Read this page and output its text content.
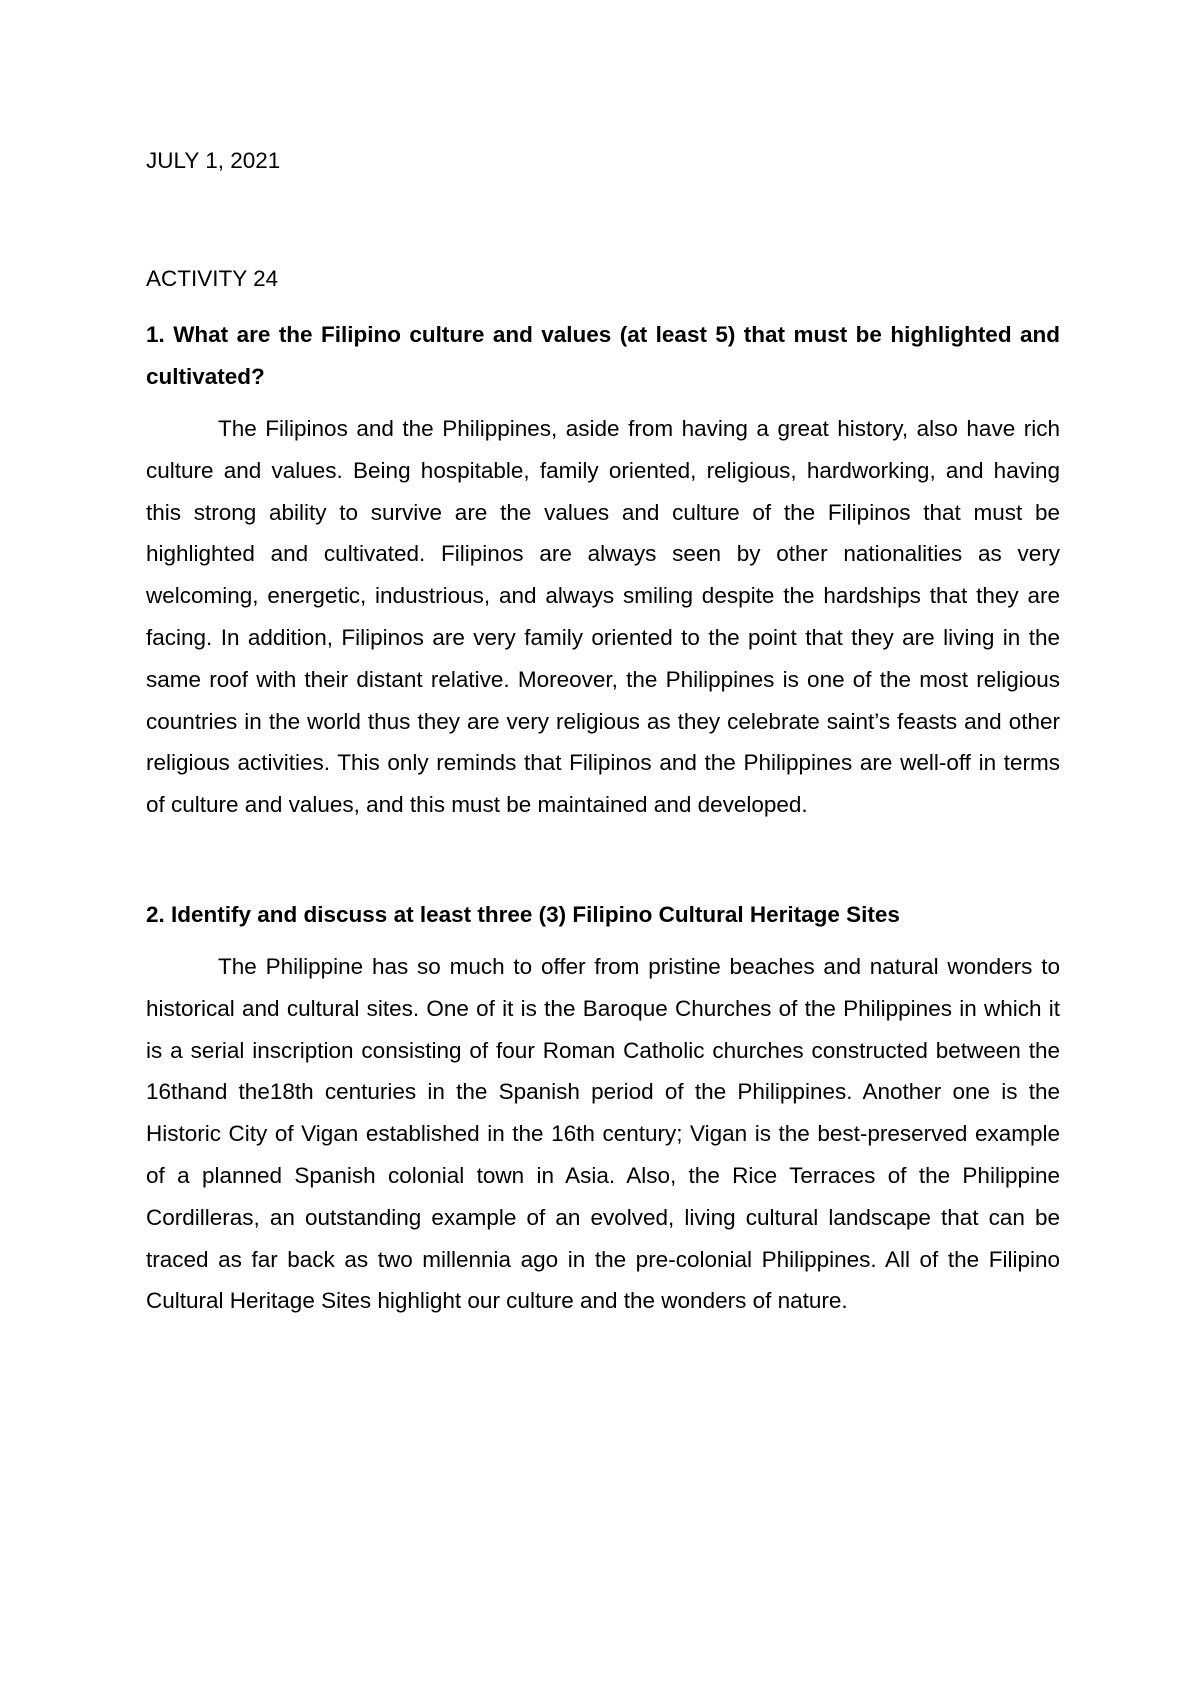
JULY 1, 2021

ACTIVITY 24

1. What are the Filipino culture and values (at least 5) that must be highlighted and cultivated?

The Filipinos and the Philippines, aside from having a great history, also have rich culture and values. Being hospitable, family oriented, religious, hardworking, and having this strong ability to survive are the values and culture of the Filipinos that must be highlighted and cultivated. Filipinos are always seen by other nationalities as very welcoming, energetic, industrious, and always smiling despite the hardships that they are facing. In addition, Filipinos are very family oriented to the point that they are living in the same roof with their distant relative. Moreover, the Philippines is one of the most religious countries in the world thus they are very religious as they celebrate saint’s feasts and other religious activities. This only reminds that Filipinos and the Philippines are well-off in terms of culture and values, and this must be maintained and developed.

2. Identify and discuss at least three (3) Filipino Cultural Heritage Sites

The Philippine has so much to offer from pristine beaches and natural wonders to historical and cultural sites. One of it is the Baroque Churches of the Philippines in which it is a serial inscription consisting of four Roman Catholic churches constructed between the 16thand the18th centuries in the Spanish period of the Philippines. Another one is the Historic City of Vigan established in the 16th century; Vigan is the best-preserved example of a planned Spanish colonial town in Asia. Also, the Rice Terraces of the Philippine Cordilleras, an outstanding example of an evolved, living cultural landscape that can be traced as far back as two millennia ago in the pre-colonial Philippines. All of the Filipino Cultural Heritage Sites highlight our culture and the wonders of nature.
